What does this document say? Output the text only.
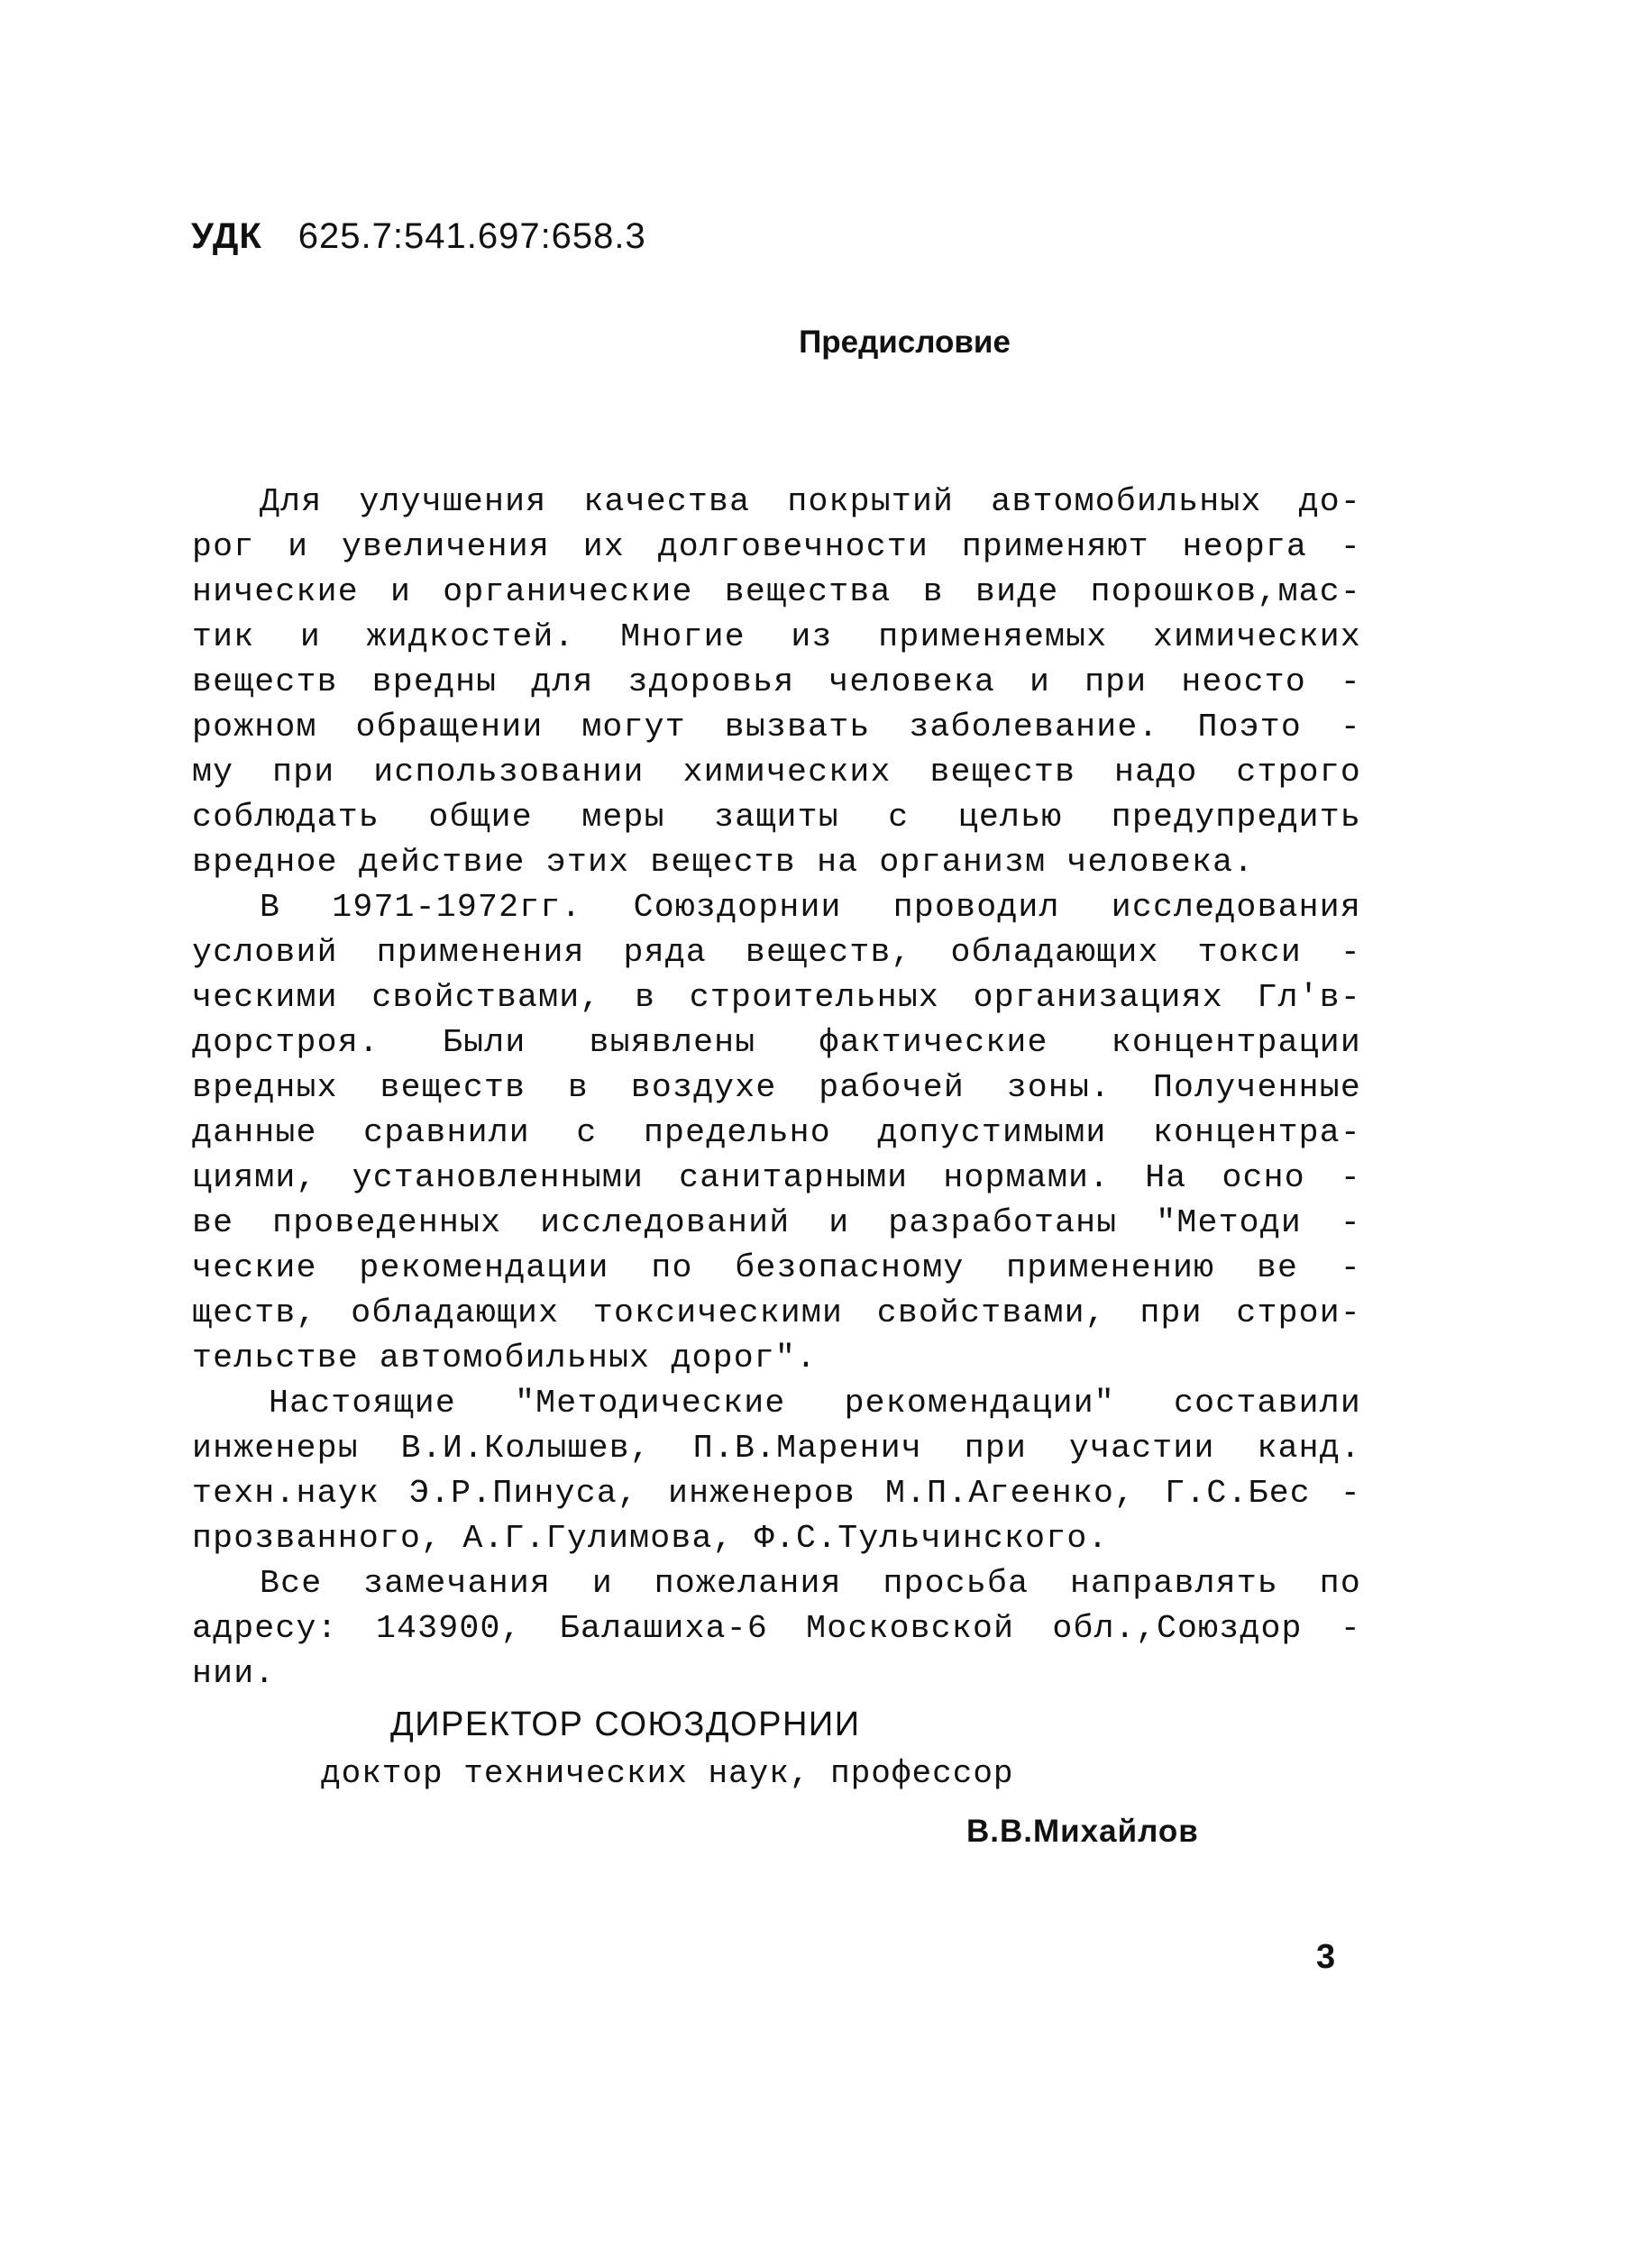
УДК 625.7:541.697:658.3
Предисловие
Для улучшения качества покрытий автомобильных до-
рог и увеличения их долговечности применяют неорга -
нические и органические вещества в виде порошков,мас-
тик и жидкостей. Многие из применяемых химических
веществ вредны для здоровья человека и при неосто -
рожном обращении могут вызвать заболевание. Поэто -
му при использовании химических веществ надо строго
соблюдать общие меры защиты с целью предупредить
вредное действие этих веществ на организм человека.
В 1971-1972гг. Союздорнии проводил исследования
условий применения ряда веществ, обладающих токси -
ческими свойствами, в строительных организациях Гл'в-
дорстроя. Были выявлены фактические концентрации
вредных веществ в воздухе рабочей зоны. Полученные
данные сравнили с предельно допустимыми концентра-
циями, установленными санитарными нормами. На осно -
ве проведенных исследований и разработаны "Методи -
ческие рекомендации по безопасному применению ве -
ществ, обладающих токсическими свойствами, при строи-
тельстве автомобильных дорог".
Настоящие "Методические рекомендации" составили
инженеры В.И.Колышев, П.В.Маренич при участии канд.
техн.наук Э.Р.Пинуса, инженеров М.П.Агеенко, Г.С.Бес -
прозванного, А.Г.Гулимова, Ф.С.Тульчинского.
Все замечания и пожелания просьба направлять по
адресу: 143900, Балашиха-6 Московской обл.,Союздор -
нии.
ДИРЕКТОР СОЮЗДОРНИИ
доктор технических наук, профессор
В.В.Михайлов
3
